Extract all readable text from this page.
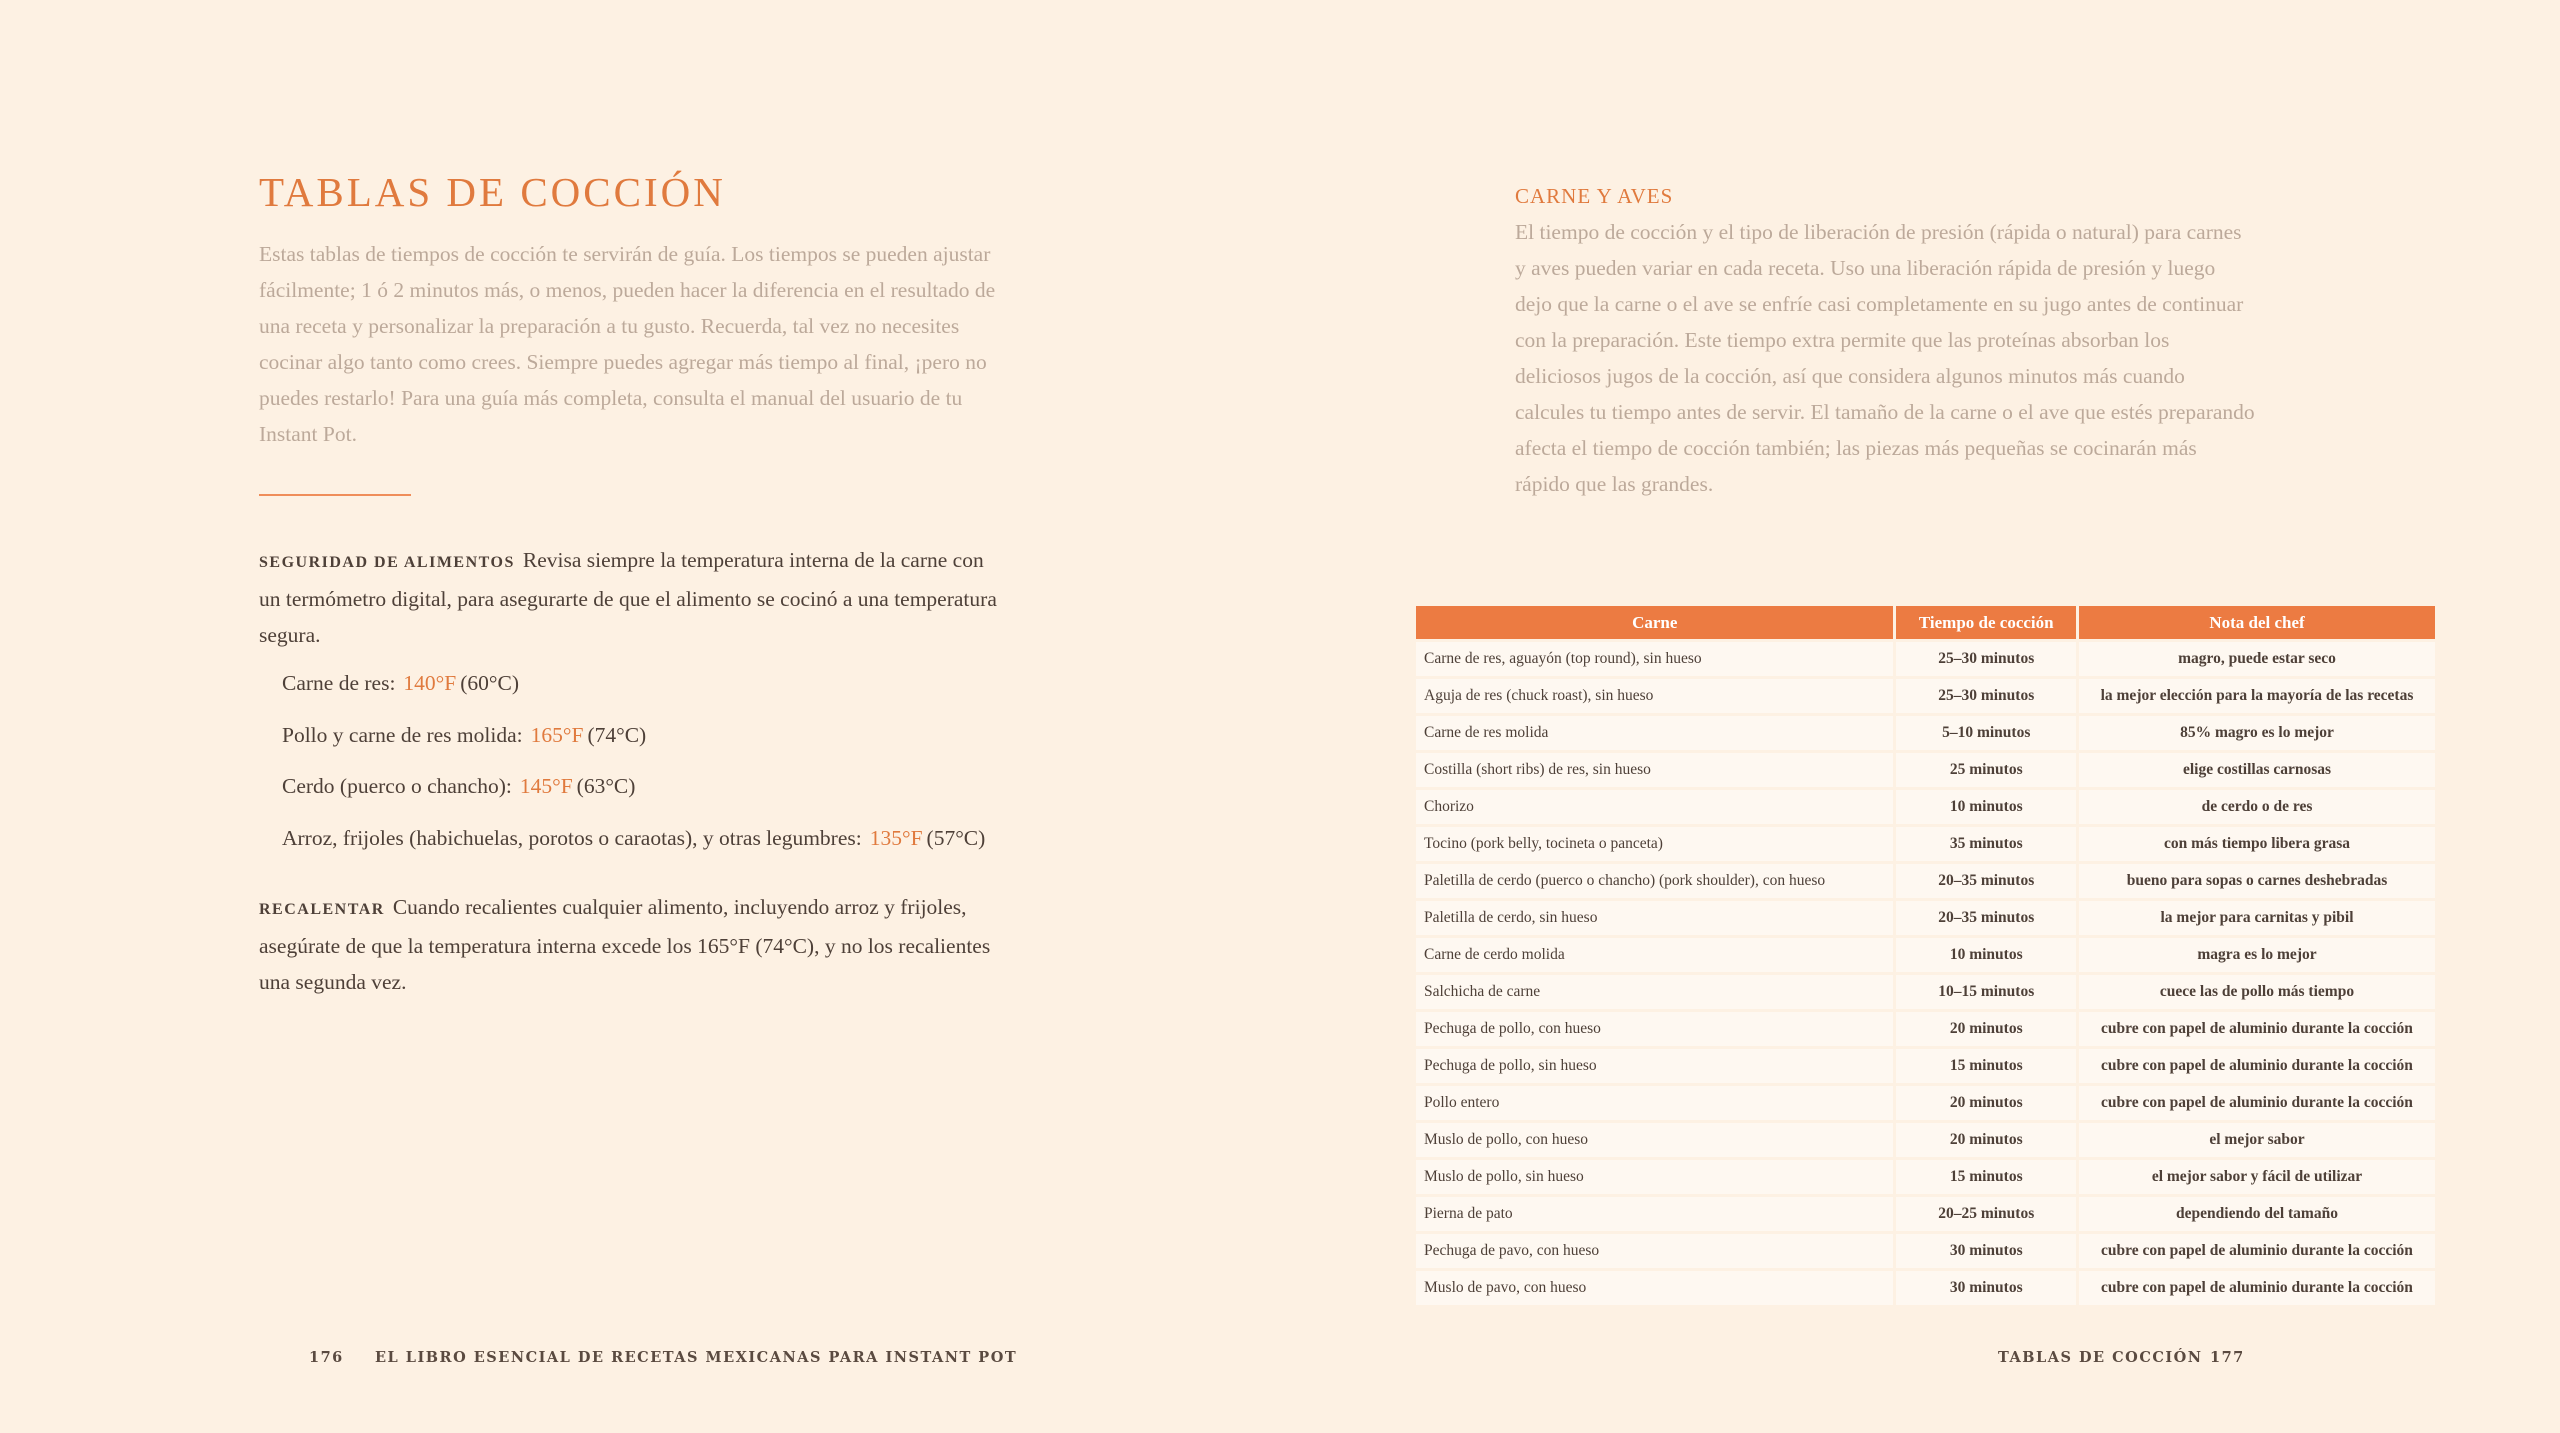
TABLAS DE COCCIÓN

Estas tablas de tiempos de cocción te servirán de guía. Los tiempos se pueden ajustar fácilmente; 1 ó 2 minutos más, o menos, pueden hacer la diferencia en el resultado de una receta y personalizar la preparación a tu gusto. Recuerda, tal vez no necesites cocinar algo tanto como crees. Siempre puedes agregar más tiempo al final, ¡pero no puedes restarlo! Para una guía más completa, consulta el manual del usuario de tu Instant Pot.

SEGURIDAD DE ALIMENTOS Revisa siempre la temperatura interna de la carne con un termómetro digital, para asegurarte de que el alimento se cocinó a una temperatura segura.

Carne de res: 140°F (60°C)
Pollo y carne de res molida: 165°F (74°C)
Cerdo (puerco o chancho): 145°F (63°C)
Arroz, frijoles (habichuelas, porotos o caraotas), y otras legumbres: 135°F (57°C)

RECALENTAR Cuando recalientes cualquier alimento, incluyendo arroz y frijoles, asegúrate de que la temperatura interna excede los 165°F (74°C), y no los recalientes una segunda vez.

CARNE Y AVES

El tiempo de cocción y el tipo de liberación de presión (rápida o natural) para carnes y aves pueden variar en cada receta. Uso una liberación rápida de presión y luego dejo que la carne o el ave se enfríe casi completamente en su jugo antes de continuar con la preparación. Este tiempo extra permite que las proteínas absorban los deliciosos jugos de la cocción, así que considera algunos minutos más cuando calcules tu tiempo antes de servir. El tamaño de la carne o el ave que estés preparando afecta el tiempo de cocción también; las piezas más pequeñas se cocinarán más rápido que las grandes.

Carne	Tiempo de cocción	Nota del chef
Carne de res, aguayón (top round), sin hueso	25–30 minutos	magro, puede estar seco
Aguja de res (chuck roast), sin hueso	25–30 minutos	la mejor elección para la mayoría de las recetas
Carne de res molida	5–10 minutos	85% magro es lo mejor
Costilla (short ribs) de res, sin hueso	25 minutos	elige costillas carnosas
Chorizo	10 minutos	de cerdo o de res
Tocino (pork belly, tocineta o panceta)	35 minutos	con más tiempo libera grasa
Paletilla de cerdo (puerco o chancho) (pork shoulder), con hueso	20–35 minutos	bueno para sopas o carnes deshebradas
Paletilla de cerdo, sin hueso	20–35 minutos	la mejor para carnitas y pibil
Carne de cerdo molida	10 minutos	magra es lo mejor
Salchicha de carne	10–15 minutos	cuece las de pollo más tiempo
Pechuga de pollo, con hueso	20 minutos	cubre con papel de aluminio durante la cocción
Pechuga de pollo, sin hueso	15 minutos	cubre con papel de aluminio durante la cocción
Pollo entero	20 minutos	cubre con papel de aluminio durante la cocción
Muslo de pollo, con hueso	20 minutos	el mejor sabor
Muslo de pollo, sin hueso	15 minutos	el mejor sabor y fácil de utilizar
Pierna de pato	20–25 minutos	dependiendo del tamaño
Pechuga de pavo, con hueso	30 minutos	cubre con papel de aluminio durante la cocción
Muslo de pavo, con hueso	30 minutos	cubre con papel de aluminio durante la cocción
176 EL LIBRO ESENCIAL DE RECETAS MEXICANAS PARA INSTANT POT	TABLAS DE COCCIÓN 177
